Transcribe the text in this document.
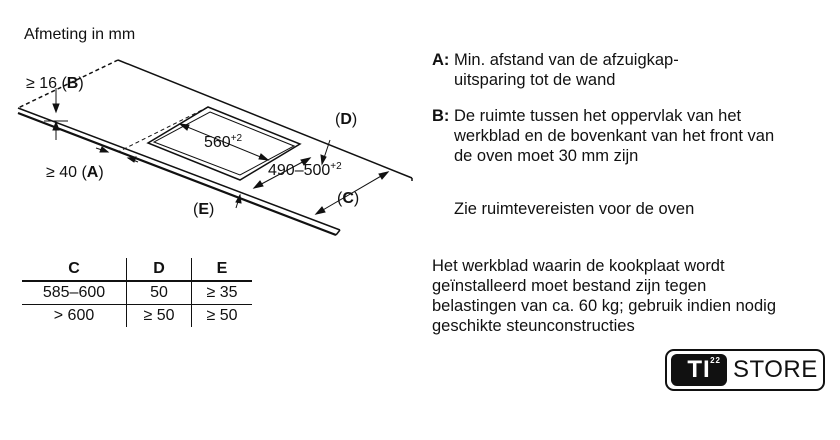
Afmeting in mm
≥ 16 (B)
≥ 40 (A)
$560^{+2}$
$490-500^{+2}$
(D)
(C)
(E)
A: Min. afstand van de afzuigkap-uitsparing tot de wand
B: De ruimte tussen het oppervlak van het werkblad en de bovenkant van het front van de oven moet 30 mm zijn
Zie ruimtevereisten voor de oven
Het werkblad waarin de kookplaat wordt geïnstalleerd moet bestand zijn tegen belastingen van ca. 60 kg; gebruik indien nodig geschikte steunconstructies
C	D	E
585–600	50	≥ 35
> 600	≥ 50	≥ 50
TI 22 STORE
